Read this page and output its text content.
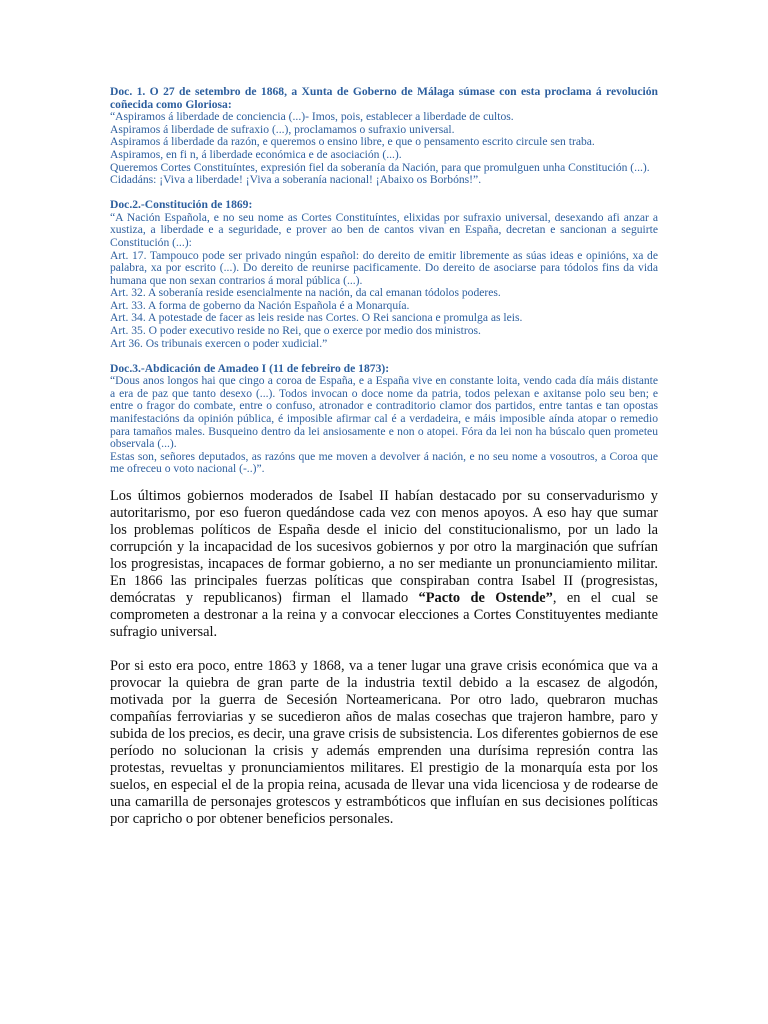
Doc. 1. O 27 de setembro de 1868, a Xunta de Goberno de Málaga súmase con esta proclama á revolución coñecida como Gloriosa:
“Aspiramos á liberdade de conciencia (...)- Imos, pois, establecer a liberdade de cultos.
Aspiramos á liberdade de sufraxio (...), proclamamos o sufraxio universal.
Aspiramos á liberdade da razón, e queremos o ensino libre, e que o pensamento escrito circule sen traba.
Aspiramos, en fi n, á liberdade económica e de asociación (...).
Queremos Cortes Constituíntes, expresión fiel da soberanía da Nación, para que promulguen unha Constitución (...).
Cidadáns: ¡Viva a liberdade! ¡Viva a soberanía nacional! ¡Abaixo os Borbóns!”.
Doc.2.-Constitución de 1869:
“A Nación Española, e no seu nome as Cortes Constituíntes, elixidas por sufraxio universal, desexando afi anzar a xustiza, a liberdade e a seguridade, e prover ao ben de cantos vivan en España, decretan e sancionan a seguirte Constitución (...):
Art. 17. Tampouco pode ser privado ningún español: do dereito de emitir libremente as súas ideas e opinións, xa de palabra, xa por escrito (...). Do dereito de reunirse pacificamente. Do dereito de asociarse para tódolos fins da vida humana que non sexan contrarios á moral pública (...).
Art. 32. A soberanía reside esencialmente na nación, da cal emanan tódolos poderes.
Art. 33. A forma de goberno da Nación Española é a Monarquía.
Art. 34. A potestade de facer as leis reside nas Cortes. O Rei sanciona e promulga as leis.
Art. 35. O poder executivo reside no Rei, que o exerce por medio dos ministros.
Art 36. Os tribunais exercen o poder xudicial.”
Doc.3.-Abdicación de Amadeo I (11 de febreiro de 1873):
“Dous anos longos hai que cingo a coroa de España, e a España vive en constante loita, vendo cada día máis distante a era de paz que tanto desexo (...). Todos invocan o doce nome da patria, todos pelexan e axitanse polo seu ben; e entre o fragor do combate, entre o confuso, atronador e contraditorio clamor dos partidos, entre tantas e tan opostas manifestacións da opinión pública, é imposible afirmar cal é a verdadeira, e máis imposible aínda atopar o remedio para tamaños males. Busqueino dentro da lei ansiosamente e non o atopei. Fóra da lei non ha búscalo quen prometeu observala (...).
Estas son, señores deputados, as razóns que me moven a devolver á nación, e no seu nome a vosoutros, a Coroa que me ofreceu o voto nacional (-..)”.

Los últimos gobiernos moderados de Isabel II habían destacado por su conservadurismo y autoritarismo, por eso fueron quedándose cada vez con menos apoyos. A eso hay que sumar los problemas políticos de España desde el inicio del constitucionalismo, por un lado la corrupción y la incapacidad de los sucesivos gobiernos y por otro la marginación que sufrían los progresistas, incapaces de formar gobierno, a no ser mediante un pronunciamiento militar. En 1866 las principales fuerzas políticas que conspiraban contra Isabel II (progresistas, demócratas y republicanos) firman el llamado “Pacto de Ostende”, en el cual se comprometen a destronar a la reina y a convocar elecciones a Cortes Constituyentes mediante sufragio universal.

Por si esto era poco, entre 1863 y 1868, va a tener lugar una grave crisis económica que va a provocar la quiebra de gran parte de la industria textil debido a la escasez de algodón, motivada por la guerra de Secesión Norteamericana. Por otro lado, quebraron muchas compañías ferroviarias y se sucedieron años de malas cosechas que trajeron hambre, paro y subida de los precios, es decir, una grave crisis de subsistencia. Los diferentes gobiernos de ese período no solucionan la crisis y además emprenden una durísima represión contra las protestas, revueltas y pronunciamientos militares. El prestigio de la monarquía esta por los suelos, en especial el de la propia reina, acusada de llevar una vida licenciosa y de rodearse de una camarilla de personajes grotescos y estrambóticos que influían en sus decisiones políticas por capricho o por obtener beneficios personales.
